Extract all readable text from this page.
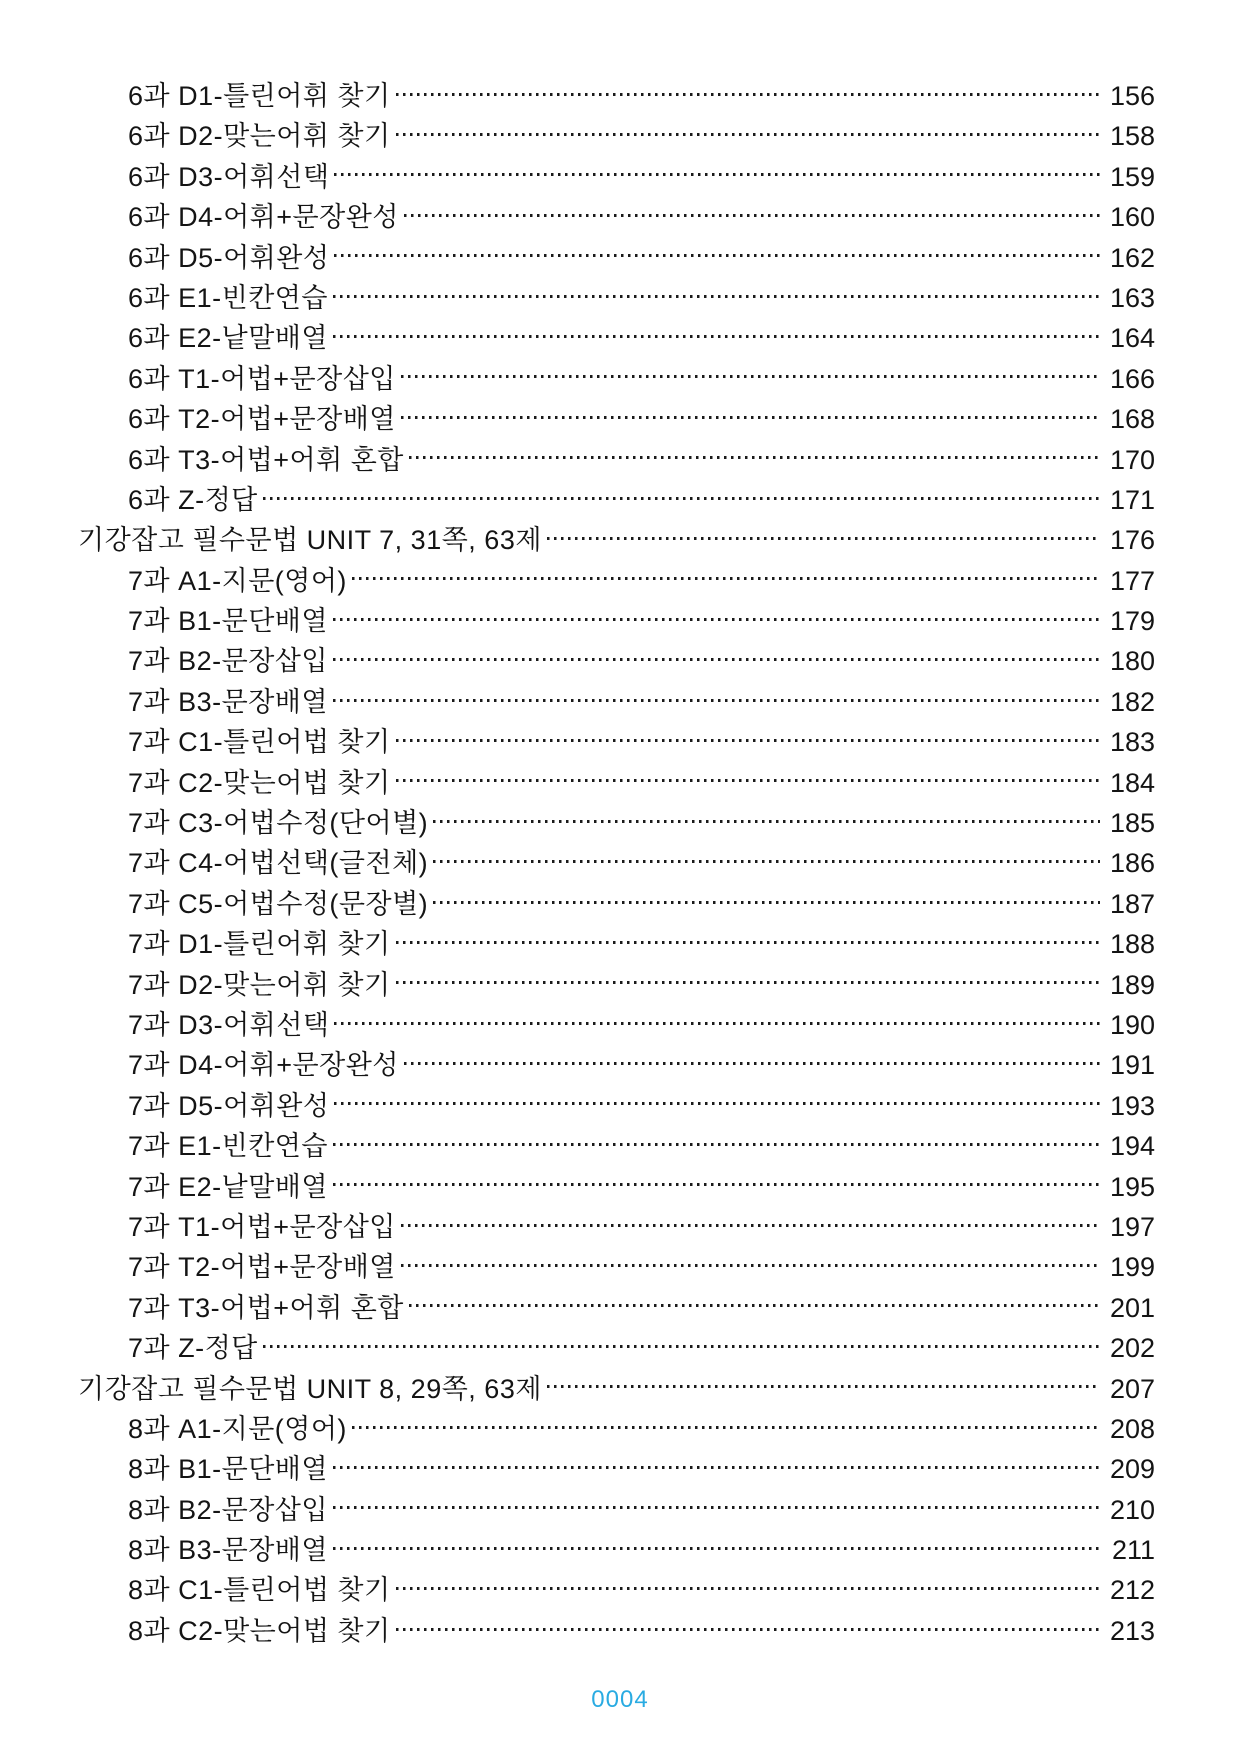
6과 D1-틀린어휘 찾기	156
6과 D2-맞는어휘 찾기	158
6과 D3-어휘선택	159
6과 D4-어휘+문장완성	160
6과 D5-어휘완성	162
6과 E1-빈칸연습	163
6과 E2-낱말배열	164
6과 T1-어법+문장삽입	166
6과 T2-어법+문장배열	168
6과 T3-어법+어휘 혼합	170
6과 Z-정답	171
기강잡고 필수문법 UNIT 7, 31쪽, 63제	176
7과 A1-지문(영어)	177
7과 B1-문단배열	179
7과 B2-문장삽입	180
7과 B3-문장배열	182
7과 C1-틀린어법 찾기	183
7과 C2-맞는어법 찾기	184
7과 C3-어법수정(단어별)	185
7과 C4-어법선택(글전체)	186
7과 C5-어법수정(문장별)	187
7과 D1-틀린어휘 찾기	188
7과 D2-맞는어휘 찾기	189
7과 D3-어휘선택	190
7과 D4-어휘+문장완성	191
7과 D5-어휘완성	193
7과 E1-빈칸연습	194
7과 E2-낱말배열	195
7과 T1-어법+문장삽입	197
7과 T2-어법+문장배열	199
7과 T3-어법+어휘 혼합	201
7과 Z-정답	202
기강잡고 필수문법 UNIT 8, 29쪽, 63제	207
8과 A1-지문(영어)	208
8과 B1-문단배열	209
8과 B2-문장삽입	210
8과 B3-문장배열	211
8과 C1-틀린어법 찾기	212
8과 C2-맞는어법 찾기	213
0004
